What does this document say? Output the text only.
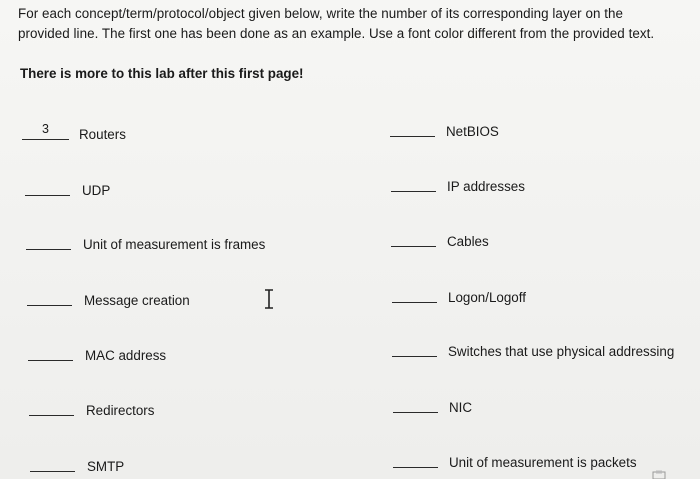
For each concept/term/protocol/object given below, write the number of its corresponding layer on the
provided line. The first one has been done as an example. Use a font color different from the provided text.
There is more to this lab after this first page!
3	Routers
UDP
Unit of measurement is frames
Message creation
MAC address
Redirectors
SMTP
NetBIOS
IP addresses
Cables
Logon/Logoff
Switches that use physical addressing
NIC
Unit of measurement is packets
